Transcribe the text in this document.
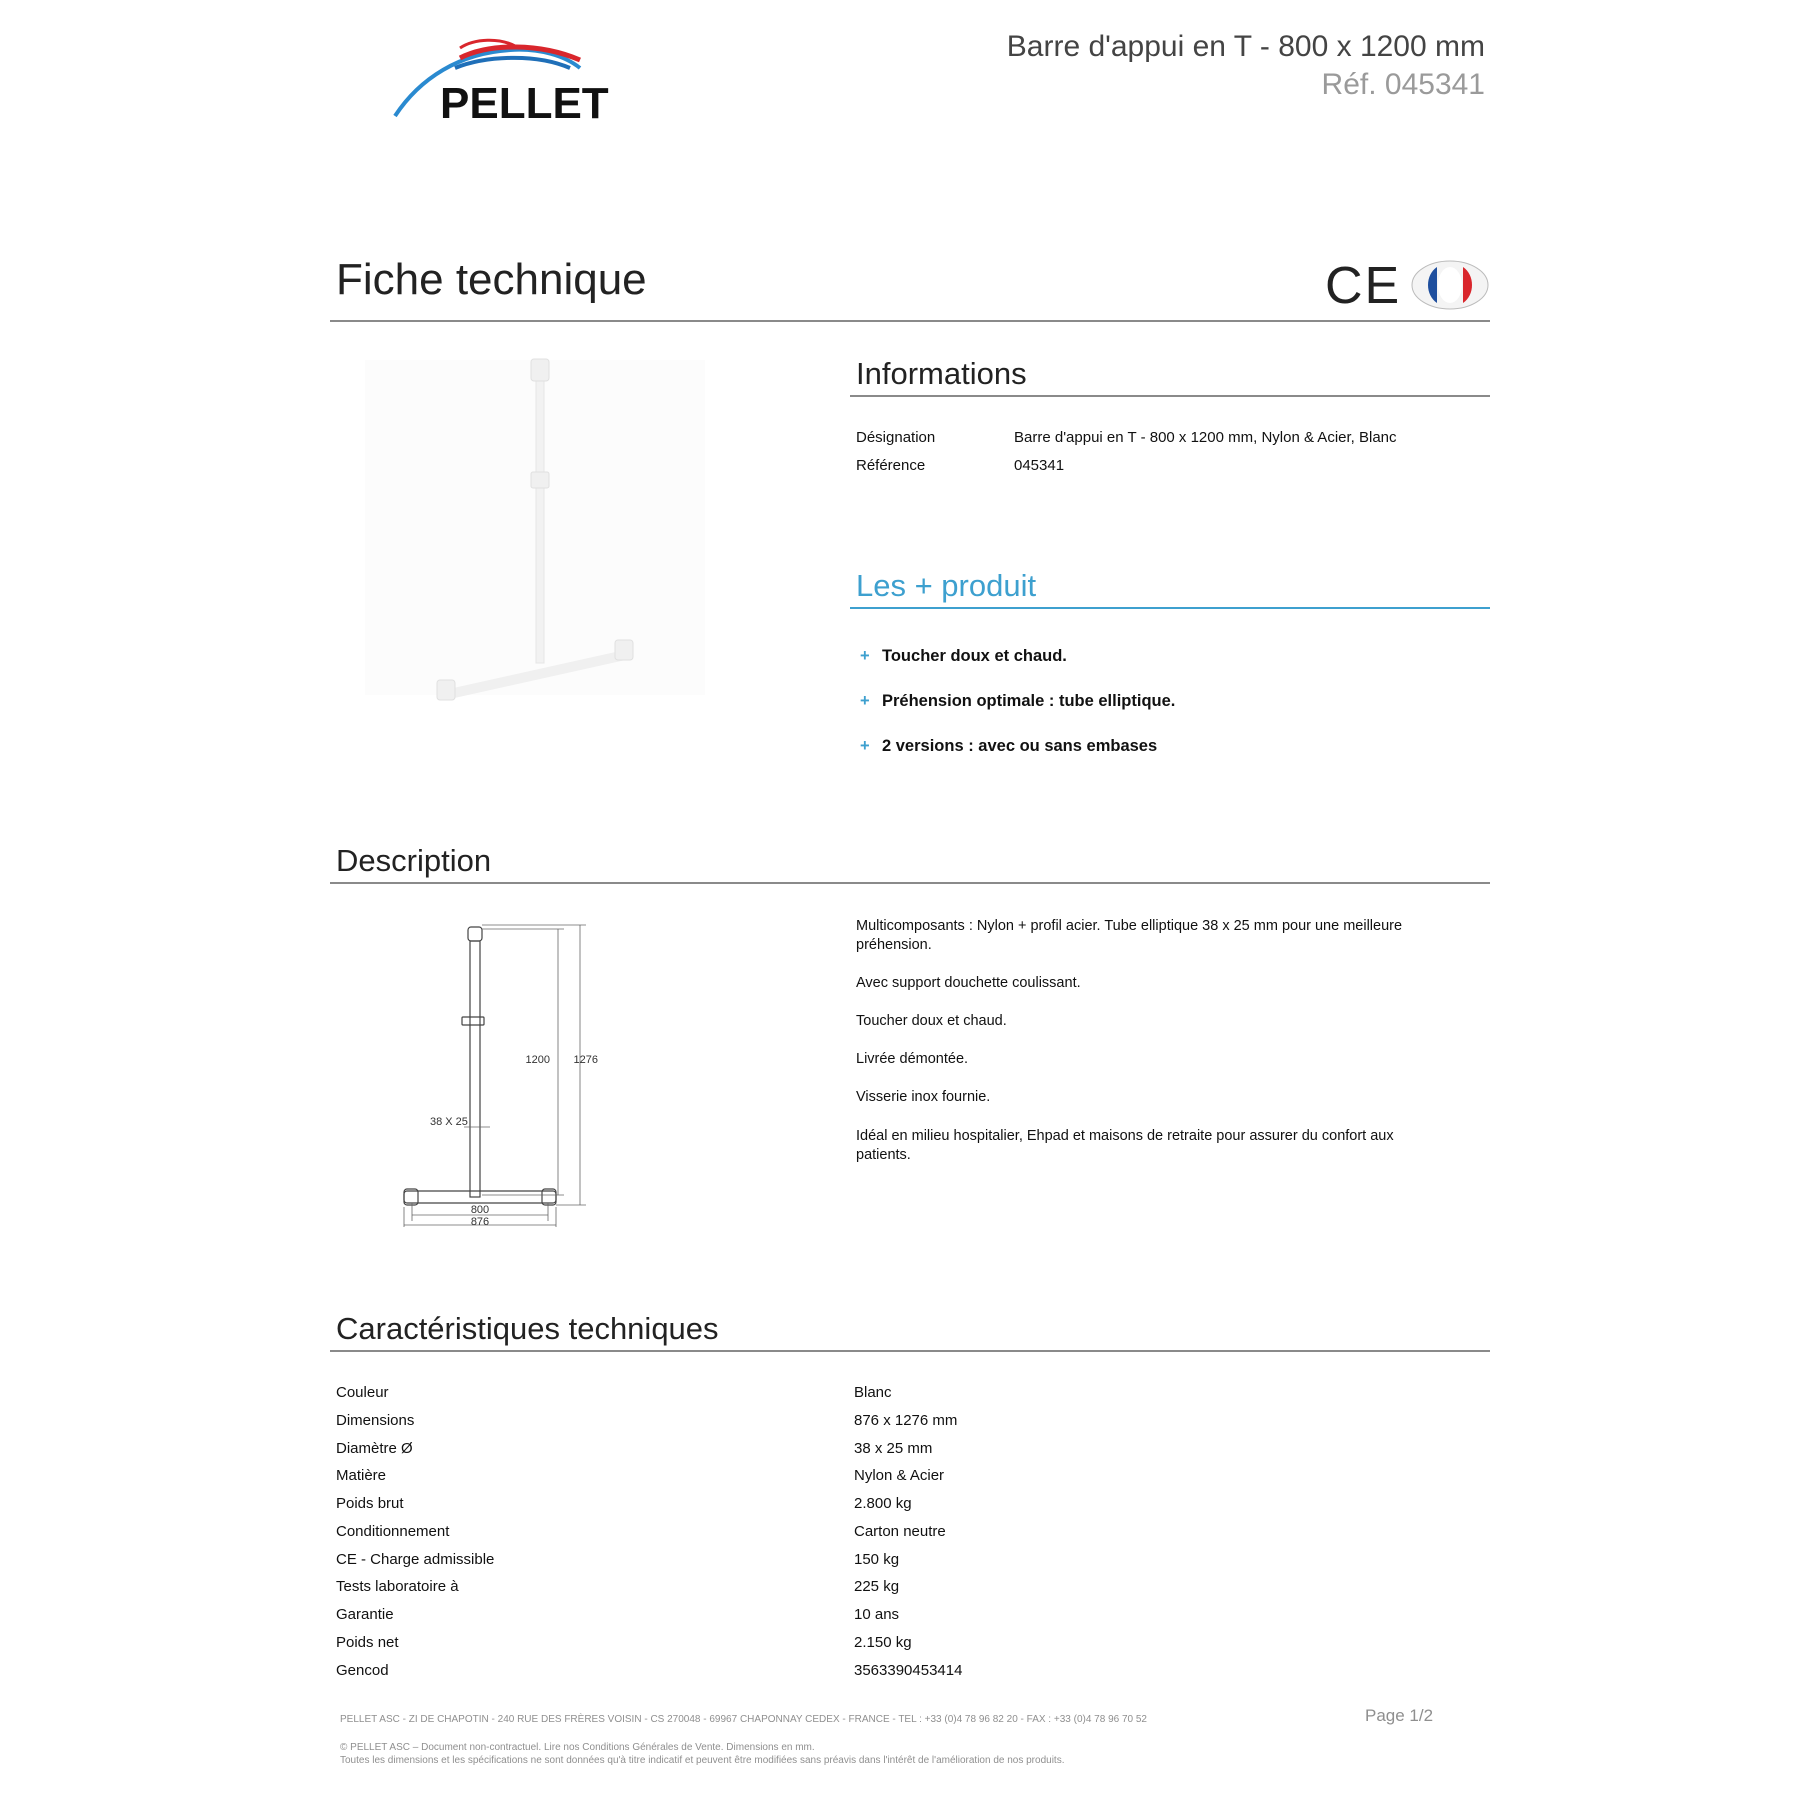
PELLET
Barre d'appui en T - 800 x 1200 mm
Réf. 045341
Fiche technique	CE
Informations
Désignation	Barre d'appui en T - 800 x 1200 mm, Nylon & Acier, Blanc
Référence	045341
Les + produit
+ Toucher doux et chaud.
+ Préhension optimale : tube elliptique.
+ 2 versions : avec ou sans embases
Description
1200 1276
38 X 25
800
876
Multicomposants : Nylon + profil acier. Tube elliptique 38 x 25 mm pour une meilleure préhension.
Avec support douchette coulissant.
Toucher doux et chaud.
Livrée démontée.
Visserie inox fournie.
Idéal en milieu hospitalier, Ehpad et maisons de retraite pour assurer du confort aux patients.
Caractéristiques techniques
Couleur	Blanc
Dimensions	876 x 1276 mm
Diamètre Ø	38 x 25 mm
Matière	Nylon & Acier
Poids brut	2.800 kg
Conditionnement	Carton neutre
CE - Charge admissible	150 kg
Tests laboratoire à	225 kg
Garantie	10 ans
Poids net	2.150 kg
Gencod	3563390453414
PELLET ASC - ZI DE CHAPOTIN - 240 RUE DES FRÈRES VOISIN - CS 270048 - 69967 CHAPONNAY CEDEX - FRANCE - TEL : +33 (0)4 78 96 82 20 - FAX : +33 (0)4 78 96 70 52	Page 1/2
© PELLET ASC – Document non-contractuel. Lire nos Conditions Générales de Vente. Dimensions en mm.
Toutes les dimensions et les spécifications ne sont données qu'à titre indicatif et peuvent être modifiées sans préavis dans l'intérêt de l'amélioration de nos produits.
